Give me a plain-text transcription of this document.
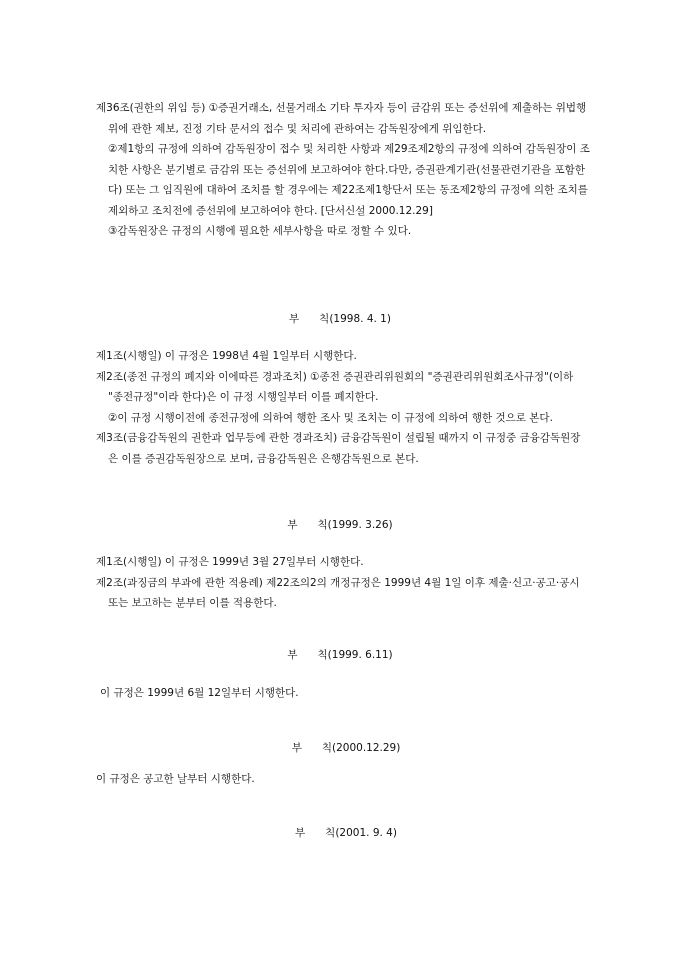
제36조(권한의 위임 등) ①증권거래소, 선물거래소 기타 투자자 등이 금감위 또는 증선위에 제출하는 위법행위에 관한 제보, 진정 기타 문서의 접수 및 처리에 관하여는 감독원장에게 위임한다.

②제1항의 규정에 의하여 감독원장이 접수 및 처리한 사항과 제29조제2항의 규정에 의하여 감독원장이 조치한 사항은 분기별로 금감위 또는 증선위에 보고하여야 한다.다만, 증권관계기관(선물관련기관을 포함한다) 또는 그 임직원에 대하여 조치를 할 경우에는 제22조제1항단서 또는 동조제2항의 규정에 의한 조치를 제외하고 조치전에 증선위에 보고하여야 한다. [단서신설 2000.12.29]

③감독원장은 규정의 시행에 필요한 세부사항을 따로 정할 수 있다.

부      칙(1998. 4. 1)

제1조(시행일) 이 규정은 1998년 4월 1일부터 시행한다.

제2조(종전 규정의 폐지와 이에따른 경과조치) ①종전 증권관리위원회의 "증권관리위원회조사규정"(이하 "종전규정"이라 한다)은 이 규정 시행일부터 이를 폐지한다.

②이 규정 시행이전에 종전규정에 의하여 행한 조사 및 조치는 이 규정에 의하여 행한 것으로 본다.

제3조(금융감독원의 권한과 업무등에 관한 경과조치) 금융감독원이 설립될 때까지 이 규정중 금융감독원장은 이를 증권감독원장으로 보며, 금융감독원은 은행감독원으로 본다.

부      칙(1999. 3.26)

제1조(시행일) 이 규정은 1999년 3월 27일부터 시행한다.

제2조(과징금의 부과에 관한 적용례) 제22조의2의 개정규정은 1999년 4월 1일 이후 제출·신고·공고·공시 또는 보고하는 분부터 이를 적용한다.

부      칙(1999. 6.11)

이 규정은 1999년 6월 12일부터 시행한다.

부      칙(2000.12.29)

이 규정은 공고한 날부터 시행한다.

부      칙(2001. 9. 4)
